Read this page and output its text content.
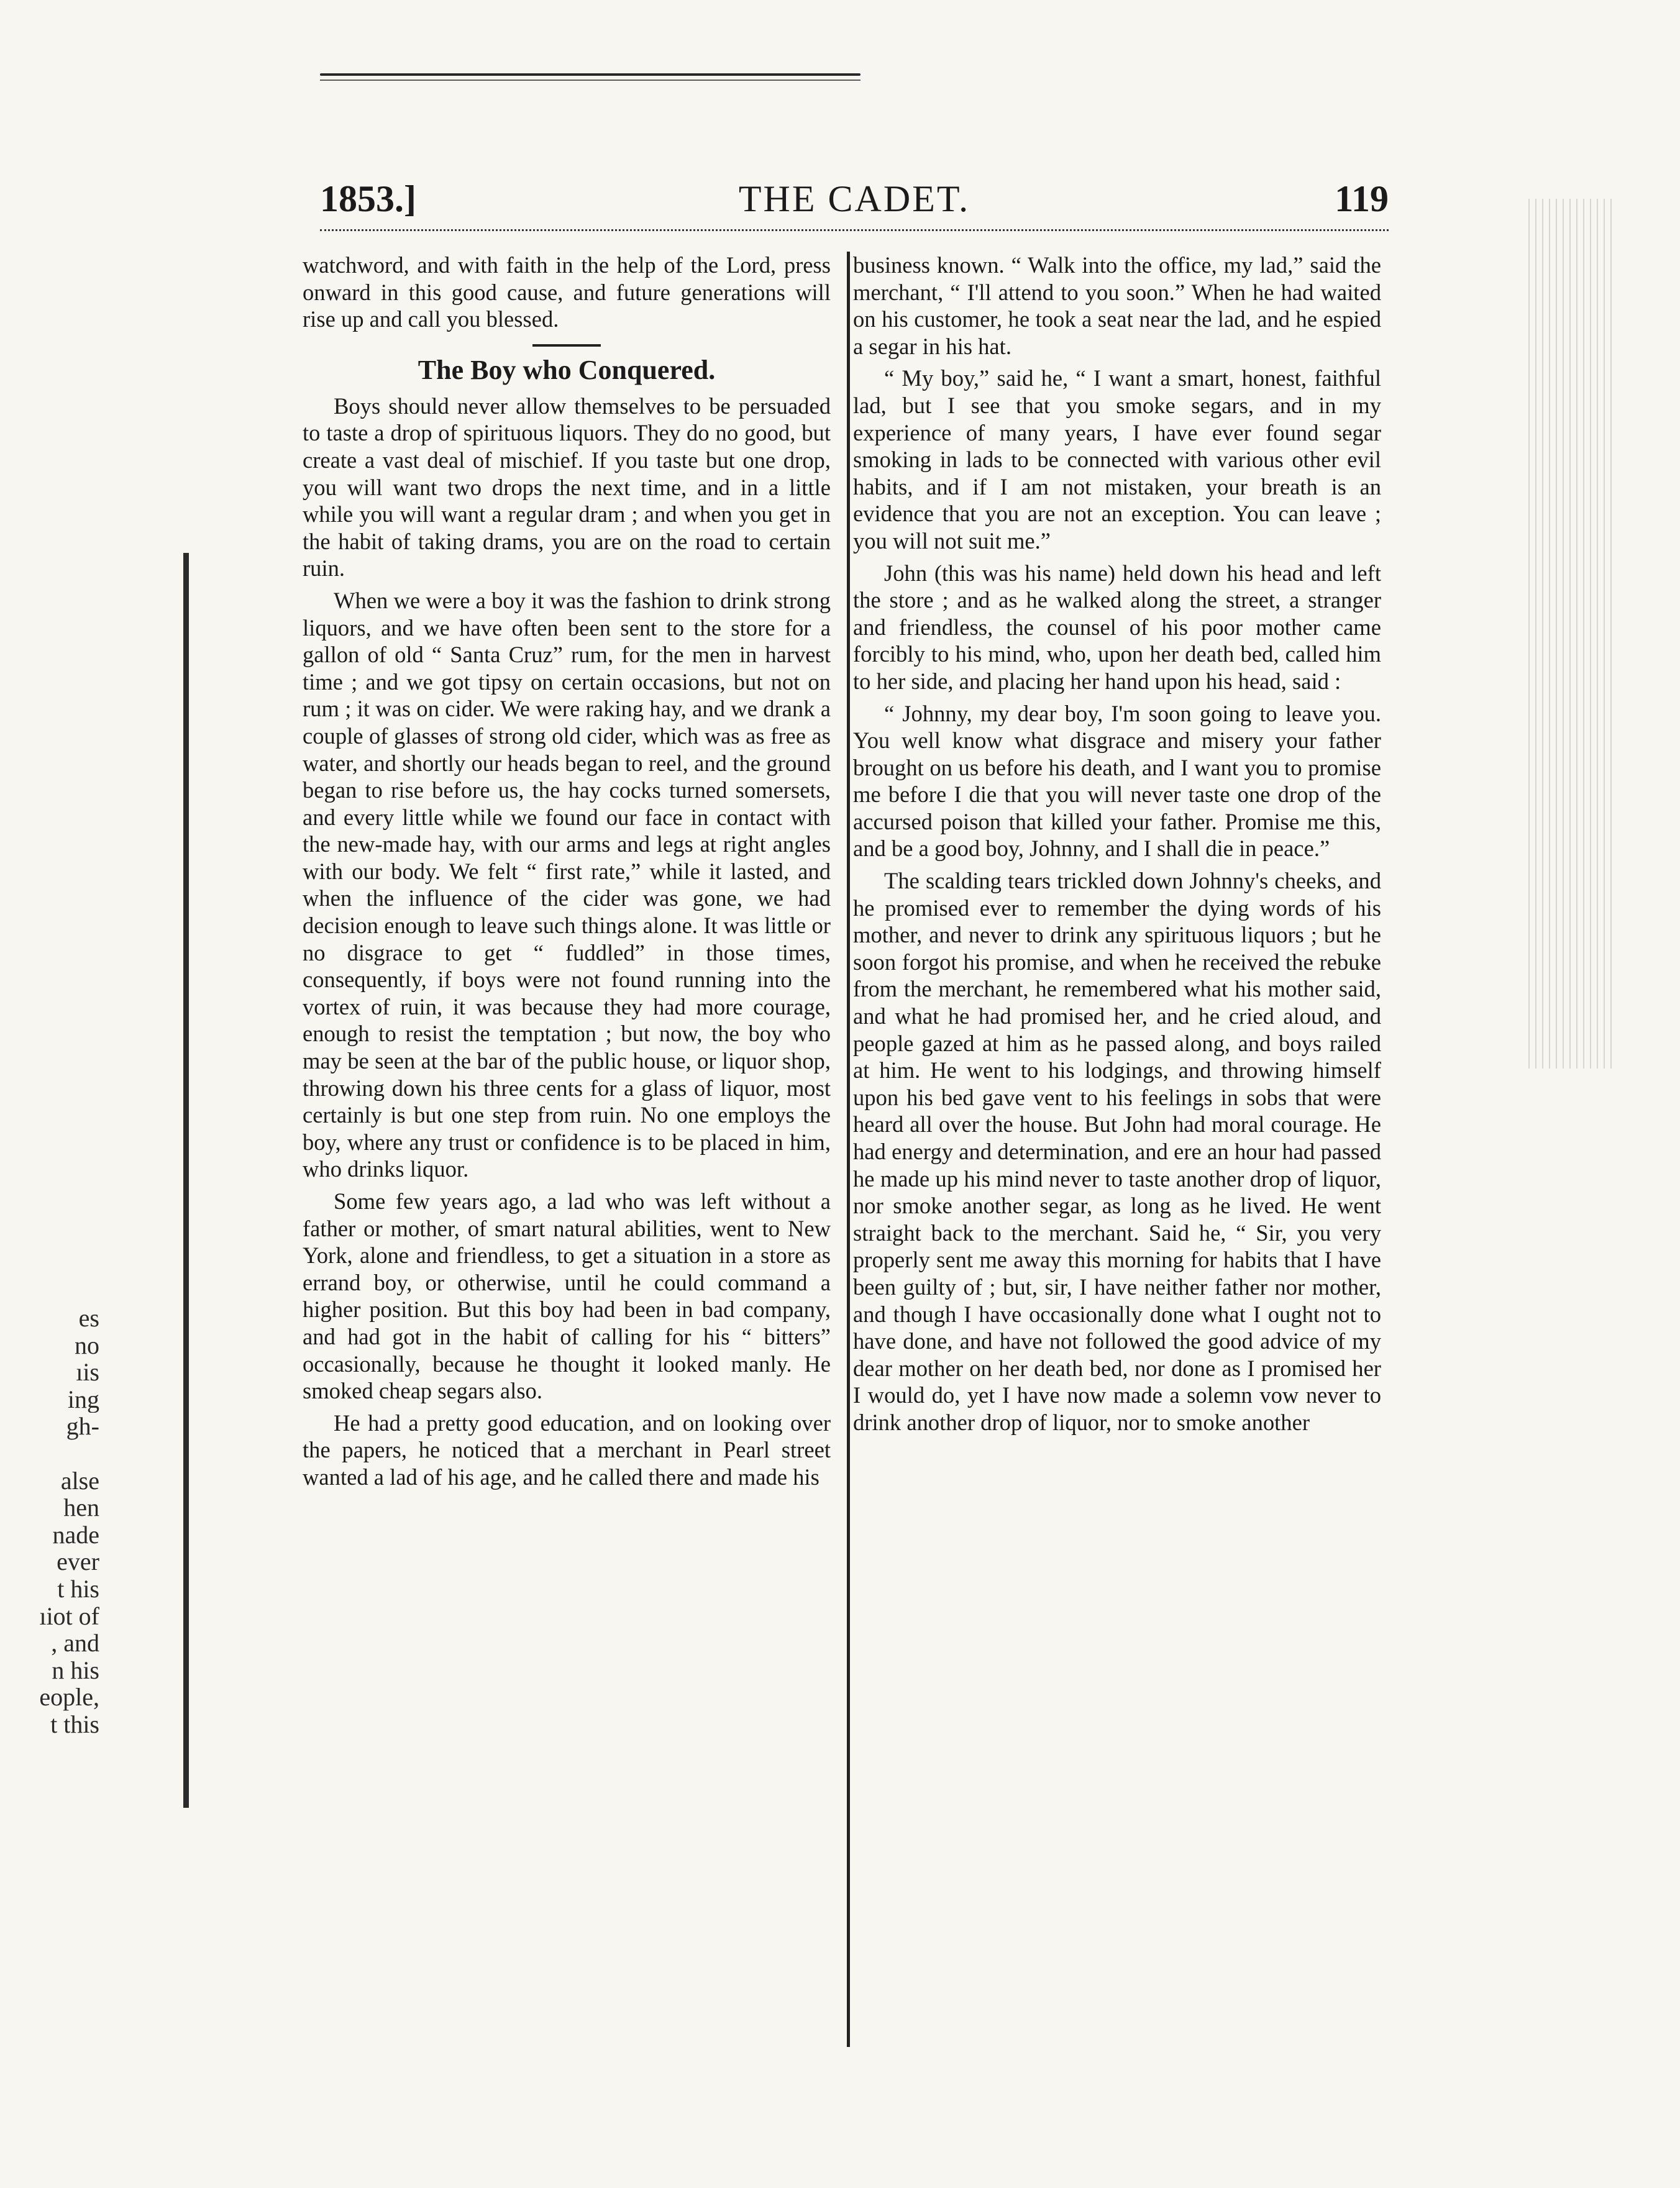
1853.]	THE CADET.	119
es
no
ıis
ing
gh-
alse
hen
nade
ever
t his
ıiot of
, and
n his
eople,
t this

watchword, and with faith in the help of the Lord, press onward in this good cause, and future generations will rise up and call you blessed.

The Boy who Conquered.

Boys should never allow themselves to be persuaded to taste a drop of spirituous liquors. They do no good, but create a vast deal of mischief. If you taste but one drop, you will want two drops the next time, and in a little while you will want a regular dram ; and when you get in the habit of taking drams, you are on the road to certain ruin.

When we were a boy it was the fashion to drink strong liquors, and we have often been sent to the store for a gallon of old “ Santa Cruz” rum, for the men in harvest time ; and we got tipsy on certain occasions, but not on rum ; it was on cider. We were raking hay, and we drank a couple of glasses of strong old cider, which was as free as water, and shortly our heads began to reel, and the ground began to rise before us, the hay cocks turned somersets, and every little while we found our face in contact with the new-made hay, with our arms and legs at right angles with our body. We felt “ first rate,” while it lasted, and when the influence of the cider was gone, we had decision enough to leave such things alone. It was little or no disgrace to get “ fuddled” in those times, consequently, if boys were not found running into the vortex of ruin, it was because they had more courage, enough to resist the temptation ; but now, the boy who may be seen at the bar of the public house, or liquor shop, throwing down his three cents for a glass of liquor, most certainly is but one step from ruin. No one employs the boy, where any trust or confidence is to be placed in him, who drinks liquor.

Some few years ago, a lad who was left without a father or mother, of smart natural abilities, went to New York, alone and friendless, to get a situation in a store as errand boy, or otherwise, until he could command a higher position. But this boy had been in bad company, and had got in the habit of calling for his “ bitters” occasionally, because he thought it looked manly. He smoked cheap segars also.

He had a pretty good education, and on looking over the papers, he noticed that a merchant in Pearl street wanted a lad of his age, and he called there and made his

business known. “ Walk into the office, my lad,” said the merchant, “ I'll attend to you soon.” When he had waited on his customer, he took a seat near the lad, and he espied a segar in his hat.

“ My boy,” said he, “ I want a smart, honest, faithful lad, but I see that you smoke segars, and in my experience of many years, I have ever found segar smoking in lads to be connected with various other evil habits, and if I am not mistaken, your breath is an evidence that you are not an exception. You can leave ; you will not suit me.”

John (this was his name) held down his head and left the store ; and as he walked along the street, a stranger and friendless, the counsel of his poor mother came forcibly to his mind, who, upon her death bed, called him to her side, and placing her hand upon his head, said :

“ Johnny, my dear boy, I'm soon going to leave you. You well know what disgrace and misery your father brought on us before his death, and I want you to promise me before I die that you will never taste one drop of the accursed poison that killed your father. Promise me this, and be a good boy, Johnny, and I shall die in peace.”

The scalding tears trickled down Johnny's cheeks, and he promised ever to remember the dying words of his mother, and never to drink any spirituous liquors ; but he soon forgot his promise, and when he received the rebuke from the merchant, he remembered what his mother said, and what he had promised her, and he cried aloud, and people gazed at him as he passed along, and boys railed at him. He went to his lodgings, and throwing himself upon his bed gave vent to his feelings in sobs that were heard all over the house. But John had moral courage. He had energy and determination, and ere an hour had passed he made up his mind never to taste another drop of liquor, nor smoke another segar, as long as he lived. He went straight back to the merchant. Said he, “ Sir, you very properly sent me away this morning for habits that I have been guilty of ; but, sir, I have neither father nor mother, and though I have occasionally done what I ought not to have done, and have not followed the good advice of my dear mother on her death bed, nor done as I promised her I would do, yet I have now made a solemn vow never to drink another drop of liquor, nor to smoke another
